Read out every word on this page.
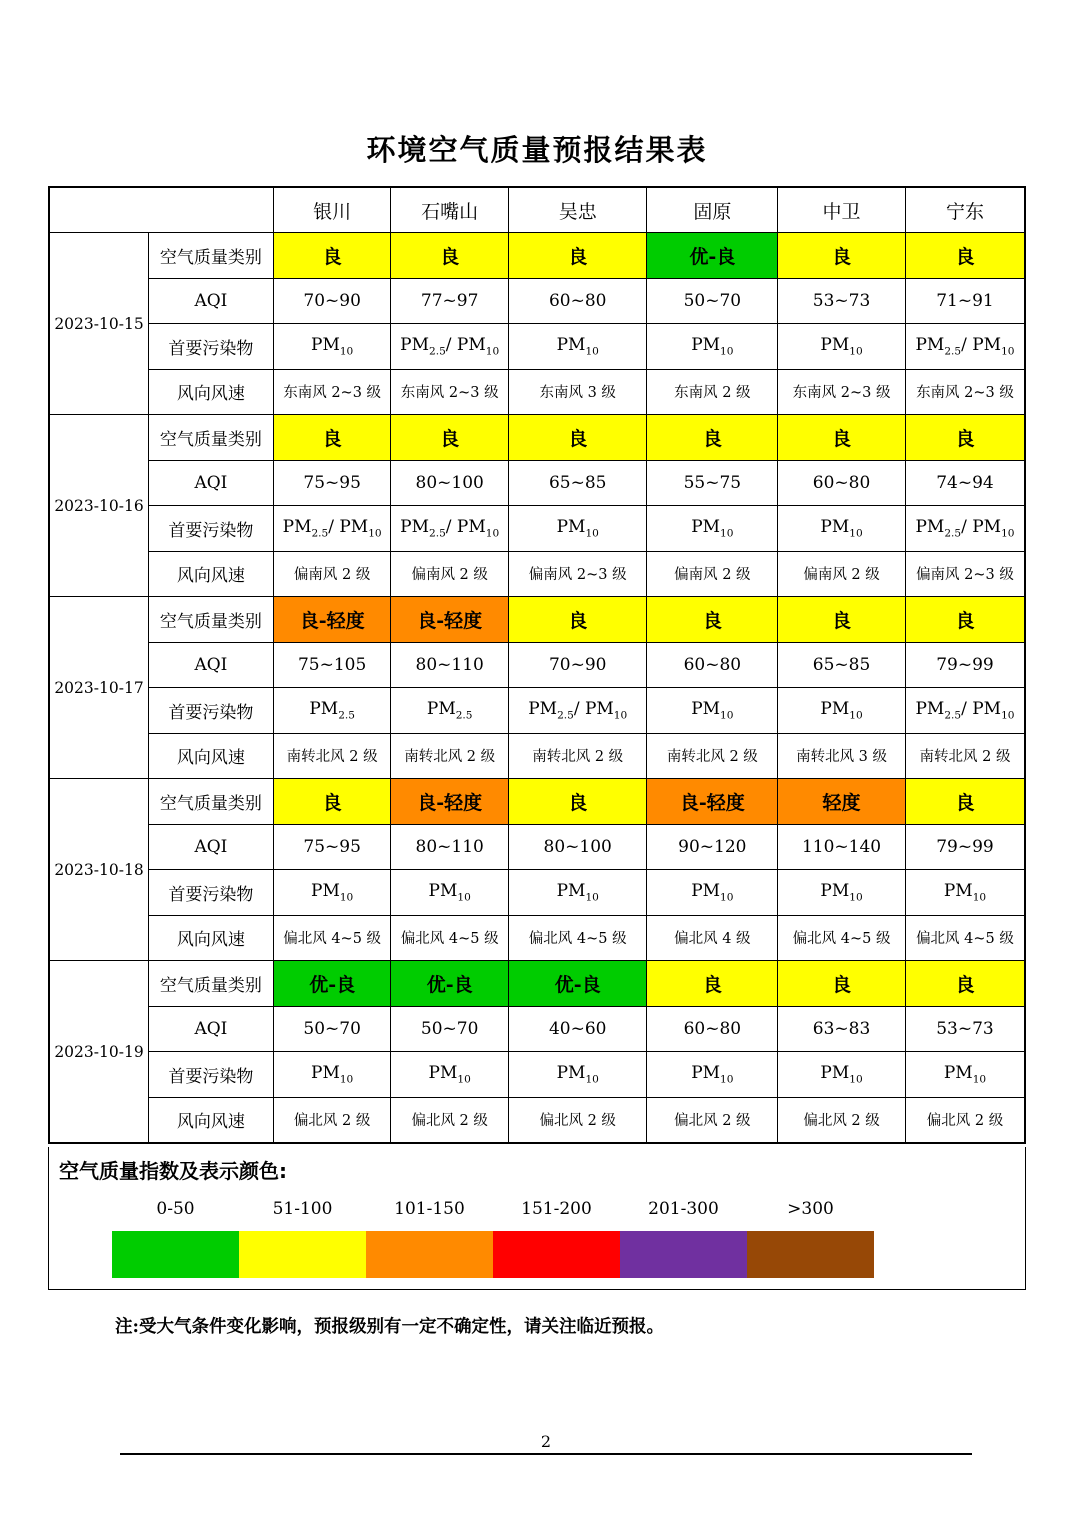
环境空气质量预报结果表
		银川	石嘴山	吴忠	固原	中卫	宁东
2023-10-15	空气质量类别	良	良	良	优-良	良	良
	AQI	70~90	77~97	60~80	50~70	53~73	71~91
	首要污染物	$PM_{10}$	$PM_{2.5}/$ $PM_{10}$	$PM_{10}$	$PM_{10}$	$PM_{10}$	$PM_{2.5}/$ $PM_{10}$
	风向风速	东南风 2~3 级	东南风 2~3 级	东南风 3 级	东南风 2 级	东南风 2~3 级	东南风 2~3 级
2023-10-16	空气质量类别	良	良	良	良	良	良
	AQI	75~95	80~100	65~85	55~75	60~80	74~94
	首要污染物	$PM_{2.5}/$ $PM_{10}$	$PM_{2.5}/$ $PM_{10}$	$PM_{10}$	$PM_{10}$	$PM_{10}$	$PM_{2.5}/$ $PM_{10}$
	风向风速	偏南风 2 级	偏南风 2 级	偏南风 2~3 级	偏南风 2 级	偏南风 2 级	偏南风 2~3 级
2023-10-17	空气质量类别	良-轻度	良-轻度	良	良	良	良
	AQI	75~105	80~110	70~90	60~80	65~85	79~99
	首要污染物	$PM_{2.5}$	$PM_{2.5}$	$PM_{2.5}/$ $PM_{10}$	$PM_{10}$	$PM_{10}$	$PM_{2.5}/$ $PM_{10}$
	风向风速	南转北风 2 级	南转北风 2 级	南转北风 2 级	南转北风 2 级	南转北风 3 级	南转北风 2 级
2023-10-18	空气质量类别	良	良-轻度	良	良-轻度	轻度	良
	AQI	75~95	80~110	80~100	90~120	110~140	79~99
	首要污染物	$PM_{10}$	$PM_{10}$	$PM_{10}$	$PM_{10}$	$PM_{10}$	$PM_{10}$
	风向风速	偏北风 4~5 级	偏北风 4~5 级	偏北风 4~5 级	偏北风 4 级	偏北风 4~5 级	偏北风 4~5 级
2023-10-19	空气质量类别	优-良	优-良	优-良	良	良	良
	AQI	50~70	50~70	40~60	60~80	63~83	53~73
	首要污染物	$PM_{10}$	$PM_{10}$	$PM_{10}$	$PM_{10}$	$PM_{10}$	$PM_{10}$
	风向风速	偏北风 2 级	偏北风 2 级	偏北风 2 级	偏北风 2 级	偏北风 2 级	偏北风 2 级
空气质量指数及表示颜色:
0-50	51-100	101-150	151-200	201-300	>300
注:受大气条件变化影响，预报级别有一定不确定性，请关注临近预报。
2
